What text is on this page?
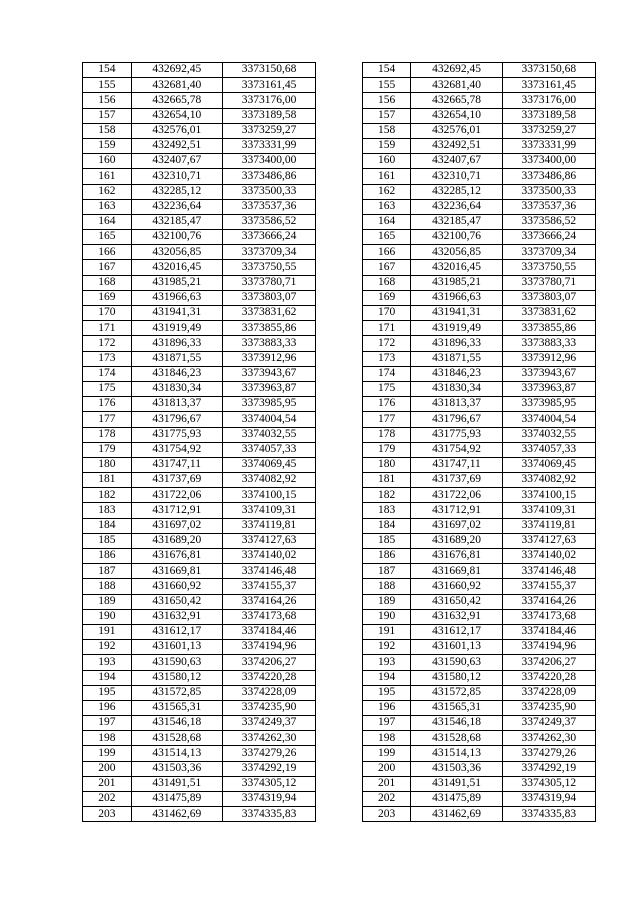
154	432692,45	3373150,68		154	432692,45	3373150,68
155	432681,40	3373161,45		155	432681,40	3373161,45
156	432665,78	3373176,00		156	432665,78	3373176,00
157	432654,10	3373189,58		157	432654,10	3373189,58
158	432576,01	3373259,27		158	432576,01	3373259,27
159	432492,51	3373331,99		159	432492,51	3373331,99
160	432407,67	3373400,00		160	432407,67	3373400,00
161	432310,71	3373486,86		161	432310,71	3373486,86
162	432285,12	3373500,33		162	432285,12	3373500,33
163	432236,64	3373537,36		163	432236,64	3373537,36
164	432185,47	3373586,52		164	432185,47	3373586,52
165	432100,76	3373666,24		165	432100,76	3373666,24
166	432056,85	3373709,34		166	432056,85	3373709,34
167	432016,45	3373750,55		167	432016,45	3373750,55
168	431985,21	3373780,71		168	431985,21	3373780,71
169	431966,63	3373803,07		169	431966,63	3373803,07
170	431941,31	3373831,62		170	431941,31	3373831,62
171	431919,49	3373855,86		171	431919,49	3373855,86
172	431896,33	3373883,33		172	431896,33	3373883,33
173	431871,55	3373912,96		173	431871,55	3373912,96
174	431846,23	3373943,67		174	431846,23	3373943,67
175	431830,34	3373963,87		175	431830,34	3373963,87
176	431813,37	3373985,95		176	431813,37	3373985,95
177	431796,67	3374004,54		177	431796,67	3374004,54
178	431775,93	3374032,55		178	431775,93	3374032,55
179	431754,92	3374057,33		179	431754,92	3374057,33
180	431747,11	3374069,45		180	431747,11	3374069,45
181	431737,69	3374082,92		181	431737,69	3374082,92
182	431722,06	3374100,15		182	431722,06	3374100,15
183	431712,91	3374109,31		183	431712,91	3374109,31
184	431697,02	3374119,81		184	431697,02	3374119,81
185	431689,20	3374127,63		185	431689,20	3374127,63
186	431676,81	3374140,02		186	431676,81	3374140,02
187	431669,81	3374146,48		187	431669,81	3374146,48
188	431660,92	3374155,37		188	431660,92	3374155,37
189	431650,42	3374164,26		189	431650,42	3374164,26
190	431632,91	3374173,68		190	431632,91	3374173,68
191	431612,17	3374184,46		191	431612,17	3374184,46
192	431601,13	3374194,96		192	431601,13	3374194,96
193	431590,63	3374206,27		193	431590,63	3374206,27
194	431580,12	3374220,28		194	431580,12	3374220,28
195	431572,85	3374228,09		195	431572,85	3374228,09
196	431565,31	3374235,90		196	431565,31	3374235,90
197	431546,18	3374249,37		197	431546,18	3374249,37
198	431528,68	3374262,30		198	431528,68	3374262,30
199	431514,13	3374279,26		199	431514,13	3374279,26
200	431503,36	3374292,19		200	431503,36	3374292,19
201	431491,51	3374305,12		201	431491,51	3374305,12
202	431475,89	3374319,94		202	431475,89	3374319,94
203	431462,69	3374335,83		203	431462,69	3374335,83
